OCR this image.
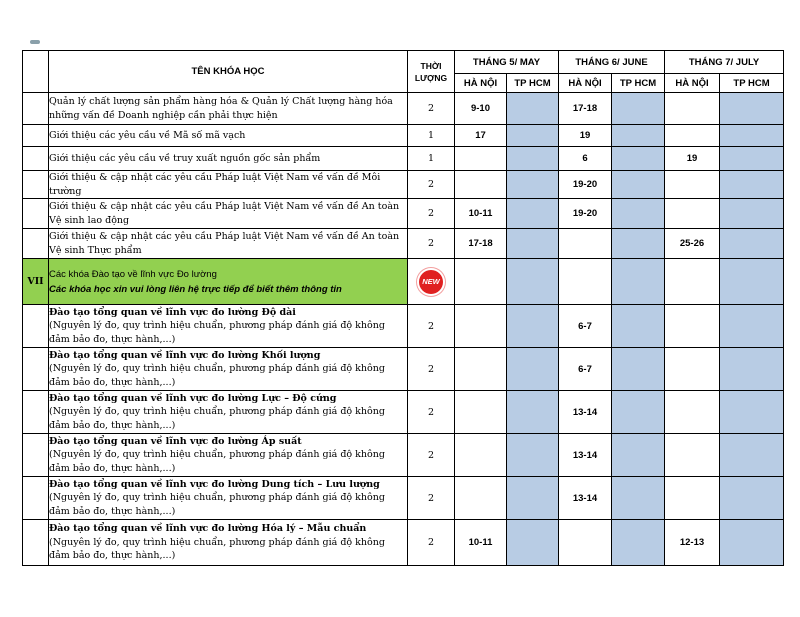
	TÊN KHÓA HỌC	THỜI
LƯỢNG	THÁNG 5/ MAY		THÁNG 6/ JUNE		THÁNG 7/ JULY	
			HÀ NỘI	TP HCM	HÀ NỘI	TP HCM	HÀ NỘI	TP HCM
	Quản lý chất lượng sản phẩm hàng hóa & Quản lý Chất lượng hàng hóa những vấn đề Doanh nghiệp cần phải thực hiện	2	9-10		17-18			
	Giới thiệu các yêu cầu về Mã số mã vạch	1	17		19			
	Giới thiệu các yêu cầu về truy xuất nguồn gốc sản phẩm	1			6		19	
	Giới thiệu & cập nhật các yêu cầu Pháp luật Việt Nam về vấn đề Môi trường	2			19-20			
	Giới thiệu & cập nhật các yêu cầu Pháp luật Việt Nam về vấn đề An toàn Vệ sinh lao động	2	10-11		19-20			
	Giới thiệu & cập nhật các yêu cầu Pháp luật Việt Nam về vấn đề An toàn Vệ sinh Thực phẩm	2	17-18				25-26	
VII	Các khóa Đào tạo về lĩnh vực Đo lường
Các khóa học xin vui lòng liên hệ trực tiếp để biết thêm thông tin	NEW						

	Đào tạo tổng quan về lĩnh vực đo lường Độ dài
(Nguyên lý đo, quy trình hiệu chuẩn, phương pháp đánh giá độ không đảm bảo đo, thực hành,...)	2			6-7			

	Đào tạo tổng quan về lĩnh vực đo lường Khối lượng
(Nguyên lý đo, quy trình hiệu chuẩn, phương pháp đánh giá độ không đảm bảo đo, thực hành,...)	2			6-7			

	Đào tạo tổng quan về lĩnh vực đo lường Lực – Độ cứng
(Nguyên lý đo, quy trình hiệu chuẩn, phương pháp đánh giá độ không đảm bảo đo, thực hành,...)	2			13-14			

	Đào tạo tổng quan về lĩnh vực đo lường Áp suất
(Nguyên lý đo, quy trình hiệu chuẩn, phương pháp đánh giá độ không đảm bảo đo, thực hành,...)	2			13-14			

	Đào tạo tổng quan về lĩnh vực đo lường Dung tích – Lưu lượng
(Nguyên lý đo, quy trình hiệu chuẩn, phương pháp đánh giá độ không đảm bảo đo, thực hành,...)	2			13-14			

	Đào tạo tổng quan về lĩnh vực đo lường Hóa lý – Mẫu chuẩn
(Nguyên lý đo, quy trình hiệu chuẩn, phương pháp đánh giá độ không đảm bảo đo, thực hành,...)	2	10-11				12-13	
